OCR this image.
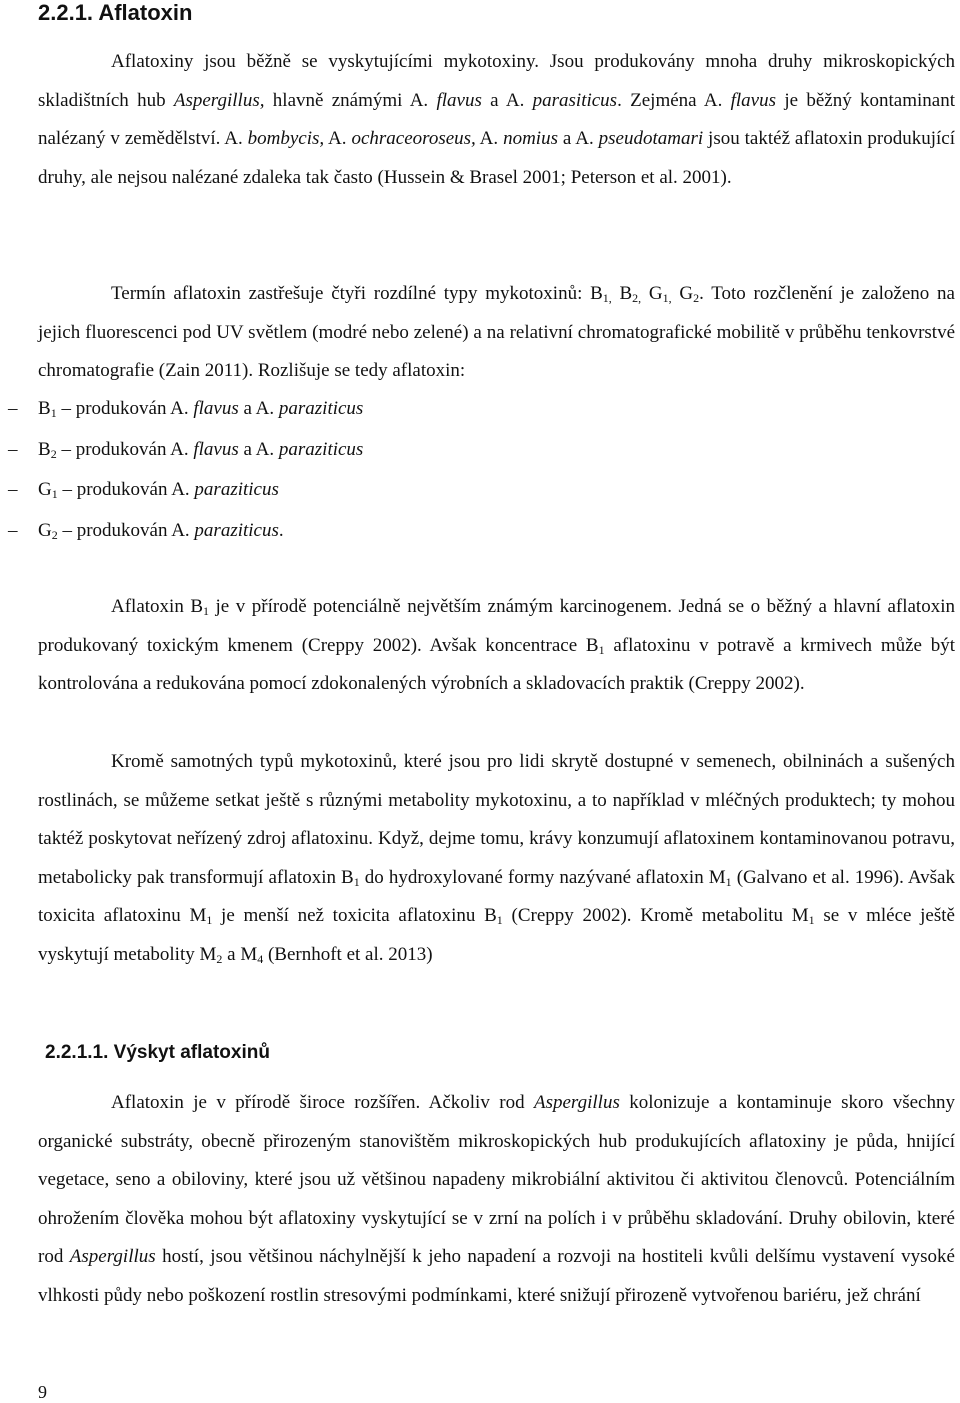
2.2.1. Aflatoxin

Aflatoxiny jsou běžně se vyskytujícími mykotoxiny. Jsou produkovány mnoha druhy mikroskopických skladištních hub Aspergillus, hlavně známými A. flavus a A. parasiticus. Zejména A. flavus je běžný kontaminant nalézaný v zemědělství. A. bombycis, A. ochraceoroseus, A. nomius a A. pseudotamari jsou taktéž aflatoxin produkující druhy, ale nejsou nalézané zdaleka tak často (Hussein & Brasel 2001; Peterson et al. 2001).

Termín aflatoxin zastřešuje čtyři rozdílné typy mykotoxinů: $B_{1,}$ $B_{2,}$ $G_{1,}$ $G_2$. Toto rozčlenění je založeno na jejich fluorescenci pod UV světlem (modré nebo zelené) a na relativní chromatografické mobilitě v průběhu tenkovrstvé chromatografie (Zain 2011). Rozlišuje se tedy aflatoxin:

– $B_1$ – produkován A. flavus a A. paraziticus
– $B_2$ – produkován A. flavus a A. paraziticus
– $G_1$ – produkován A. paraziticus
– $G_2$ – produkován A. paraziticus.

Aflatoxin $B_1$ je v přírodě potenciálně největším známým karcinogenem. Jedná se o běžný a hlavní aflatoxin produkovaný toxickým kmenem (Creppy 2002). Avšak koncentrace $B_1$ aflatoxinu v potravě a krmivech může být kontrolována a redukována pomocí zdokonalených výrobních a skladovacích praktik (Creppy 2002).

Kromě samotných typů mykotoxinů, které jsou pro lidi skrytě dostupné v semenech, obilninách a sušených rostlinách, se můžeme setkat ještě s různými metabolity mykotoxinu, a to například v mléčných produktech; ty mohou taktéž poskytovat neřízený zdroj aflatoxinu. Když, dejme tomu, krávy konzumují aflatoxinem kontaminovanou potravu, metabolicky pak transformují aflatoxin $B_1$ do hydroxylované formy nazývané aflatoxin $M_1$ (Galvano et al. 1996). Avšak toxicita aflatoxinu $M_1$ je menší než toxicita aflatoxinu $B_1$ (Creppy 2002). Kromě metabolitu $M_1$ se v mléce ještě vyskytují metabolity $M_2$ a $M_4$ (Bernhoft et al. 2013)

2.2.1.1. Výskyt aflatoxinů

Aflatoxin je v přírodě široce rozšířen. Ačkoliv rod Aspergillus kolonizuje a kontaminuje skoro všechny organické substráty, obecně přirozeným stanovištěm mikroskopických hub produkujících aflatoxiny je půda, hnijící vegetace, seno a obiloviny, které jsou už většinou napadeny mikrobiální aktivitou či aktivitou členovců. Potenciálním ohrožením člověka mohou být aflatoxiny vyskytující se v zrní na polích i v průběhu skladování. Druhy obilovin, které rod Aspergillus hostí, jsou většinou náchylnější k jeho napadení a rozvoji na hostiteli kvůli delšímu vystavení vysoké vlhkosti půdy nebo poškození rostlin stresovými podmínkami, které snižují přirozeně vytvořenou bariéru, jež chrání

9
